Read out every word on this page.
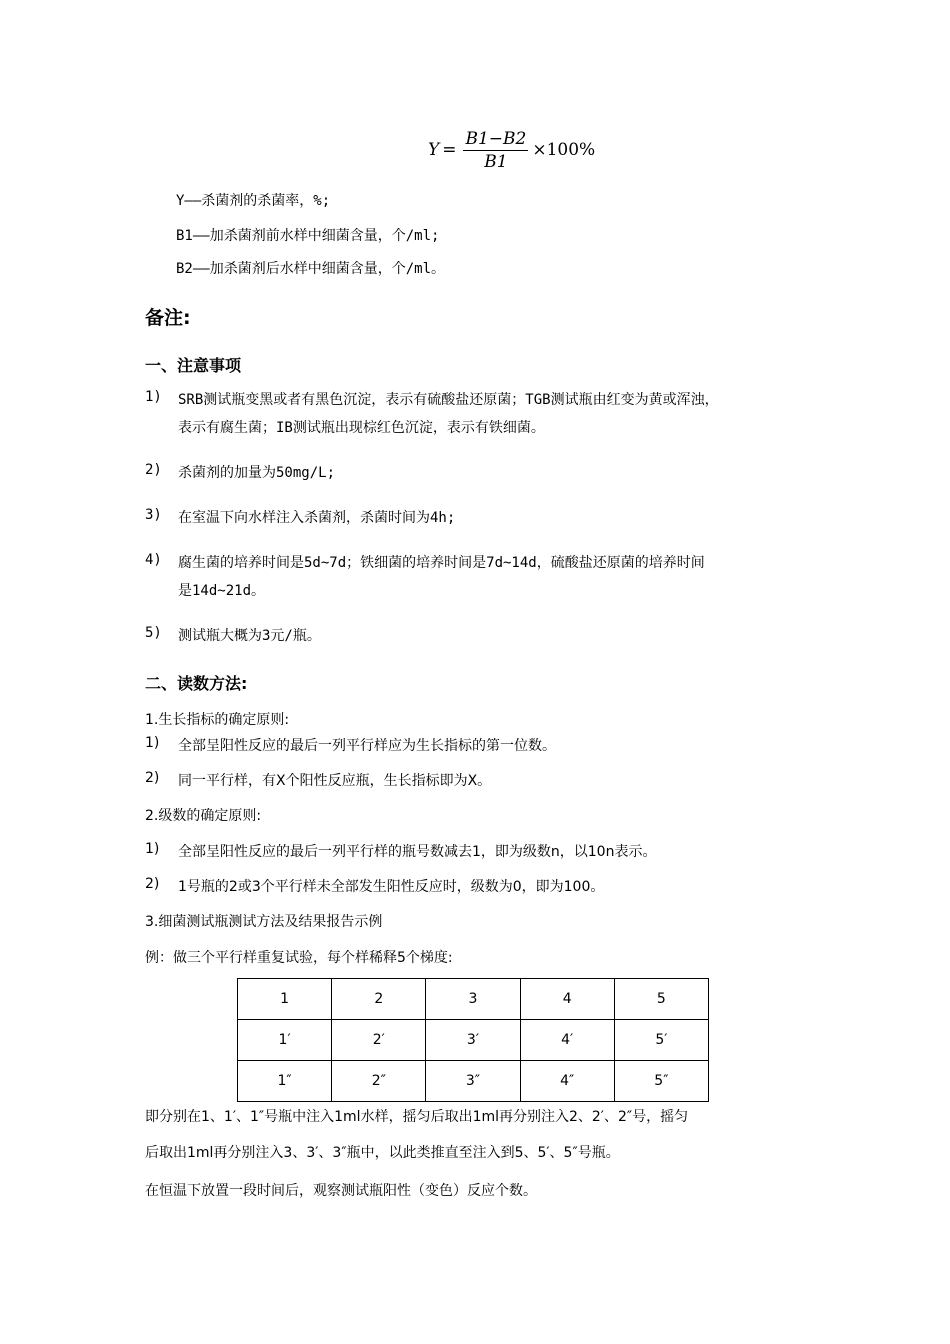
$Y = \frac{B1-B2}{B1} \times 100\%$
Y——杀菌剂的杀菌率，%;
B1——加杀菌剂前水样中细菌含量，个/ml;
B2——加杀菌剂后水样中细菌含量，个/ml。
备注:
一、注意事项
1) SRB测试瓶变黑或者有黑色沉淀，表示有硫酸盐还原菌；TGB测试瓶由红变为黄或浑浊，
表示有腐生菌；IB测试瓶出现棕红色沉淀，表示有铁细菌。
2) 杀菌剂的加量为50mg/L;
3) 在室温下向水样注入杀菌剂，杀菌时间为4h;
4) 腐生菌的培养时间是5d~7d；铁细菌的培养时间是7d~14d，硫酸盐还原菌的培养时间
是14d~21d。
5) 测试瓶大概为3元/瓶。
二、读数方法:
1.生长指标的确定原则:
1) 全部呈阳性反应的最后一列平行样应为生长指标的第一位数。
2) 同一平行样，有X个阳性反应瓶，生长指标即为X。
2.级数的确定原则:
1) 全部呈阳性反应的最后一列平行样的瓶号数减去1，即为级数n，以10n表示。
2) 1号瓶的2或3个平行样未全部发生阳性反应时，级数为0，即为100。
3.细菌测试瓶测试方法及结果报告示例
例：做三个平行样重复试验，每个样稀释5个梯度:
1	2	3	4	5
1′	2′	3′	4′	5′
1″	2″	3″	4″	5″
即分别在1、1′、1″号瓶中注入1ml水样，摇匀后取出1ml再分别注入2、2′、2″号，摇匀
后取出1ml再分别注入3、3′、3″瓶中，以此类推直至注入到5、5′、5″号瓶。
在恒温下放置一段时间后，观察测试瓶阳性（变色）反应个数。
